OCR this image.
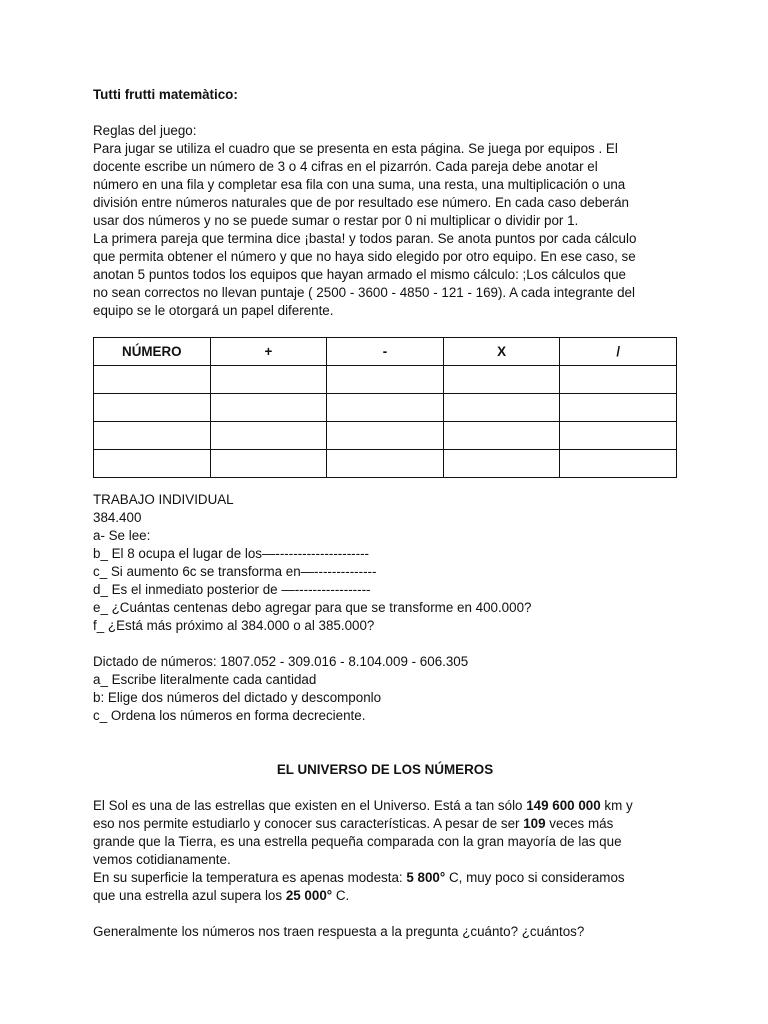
Tutti frutti matemàtico:
Reglas del juego:
Para jugar se utiliza el cuadro que se presenta en esta página. Se juega por equipos . El
docente escribe un número de 3 o 4 cifras en el pizarrón. Cada pareja debe anotar el
número en una fila y completar esa fila con una suma, una resta, una multiplicación o una
división entre números naturales que de por resultado ese número. En cada caso deberán
usar dos números y no se puede sumar o restar por 0 ni multiplicar o dividir por 1.
La primera pareja que termina dice ¡basta! y todos paran. Se anota puntos por cada cálculo
que permita obtener el número y que no haya sido elegido por otro equipo. En ese caso, se
anotan 5 puntos todos los equipos que hayan armado el mismo cálculo: ;Los cálculos que
no sean correctos no llevan puntaje ( 2500 - 3600 - 4850 - 121 - 169). A cada integrante del
equipo se le otorgará un papel diferente.
NÚMERO	+	-	X	/

TRABAJO INDIVIDUAL
384.400
a- Se lee:
b_ El 8 ocupa el lugar de los—---------------------
c_ Si aumento 6c se transforma en—--------------
d_ Es el inmediato posterior de —-----------------
e_ ¿Cuántas centenas debo agregar para que se transforme en 400.000?
f_ ¿Está más próximo al 384.000 o al 385.000?
Dictado de números: 1807.052 - 309.016 - 8.104.009 - 606.305
a_ Escribe literalmente cada cantidad
b: Elige dos números del dictado y descomponlo
c_ Ordena los números en forma decreciente.
EL UNIVERSO DE LOS NÚMEROS
El Sol es una de las estrellas que existen en el Universo. Está a tan sólo 149 600 000 km y
eso nos permite estudiarlo y conocer sus características. A pesar de ser 109 veces más
grande que la Tierra, es una estrella pequeña comparada con la gran mayoría de las que
vemos cotidianamente.
En su superficie la temperatura es apenas modesta: 5 800° C, muy poco si consideramos
que una estrella azul supera los 25 000° C.
Generalmente los números nos traen respuesta a la pregunta ¿cuánto? ¿cuántos?
